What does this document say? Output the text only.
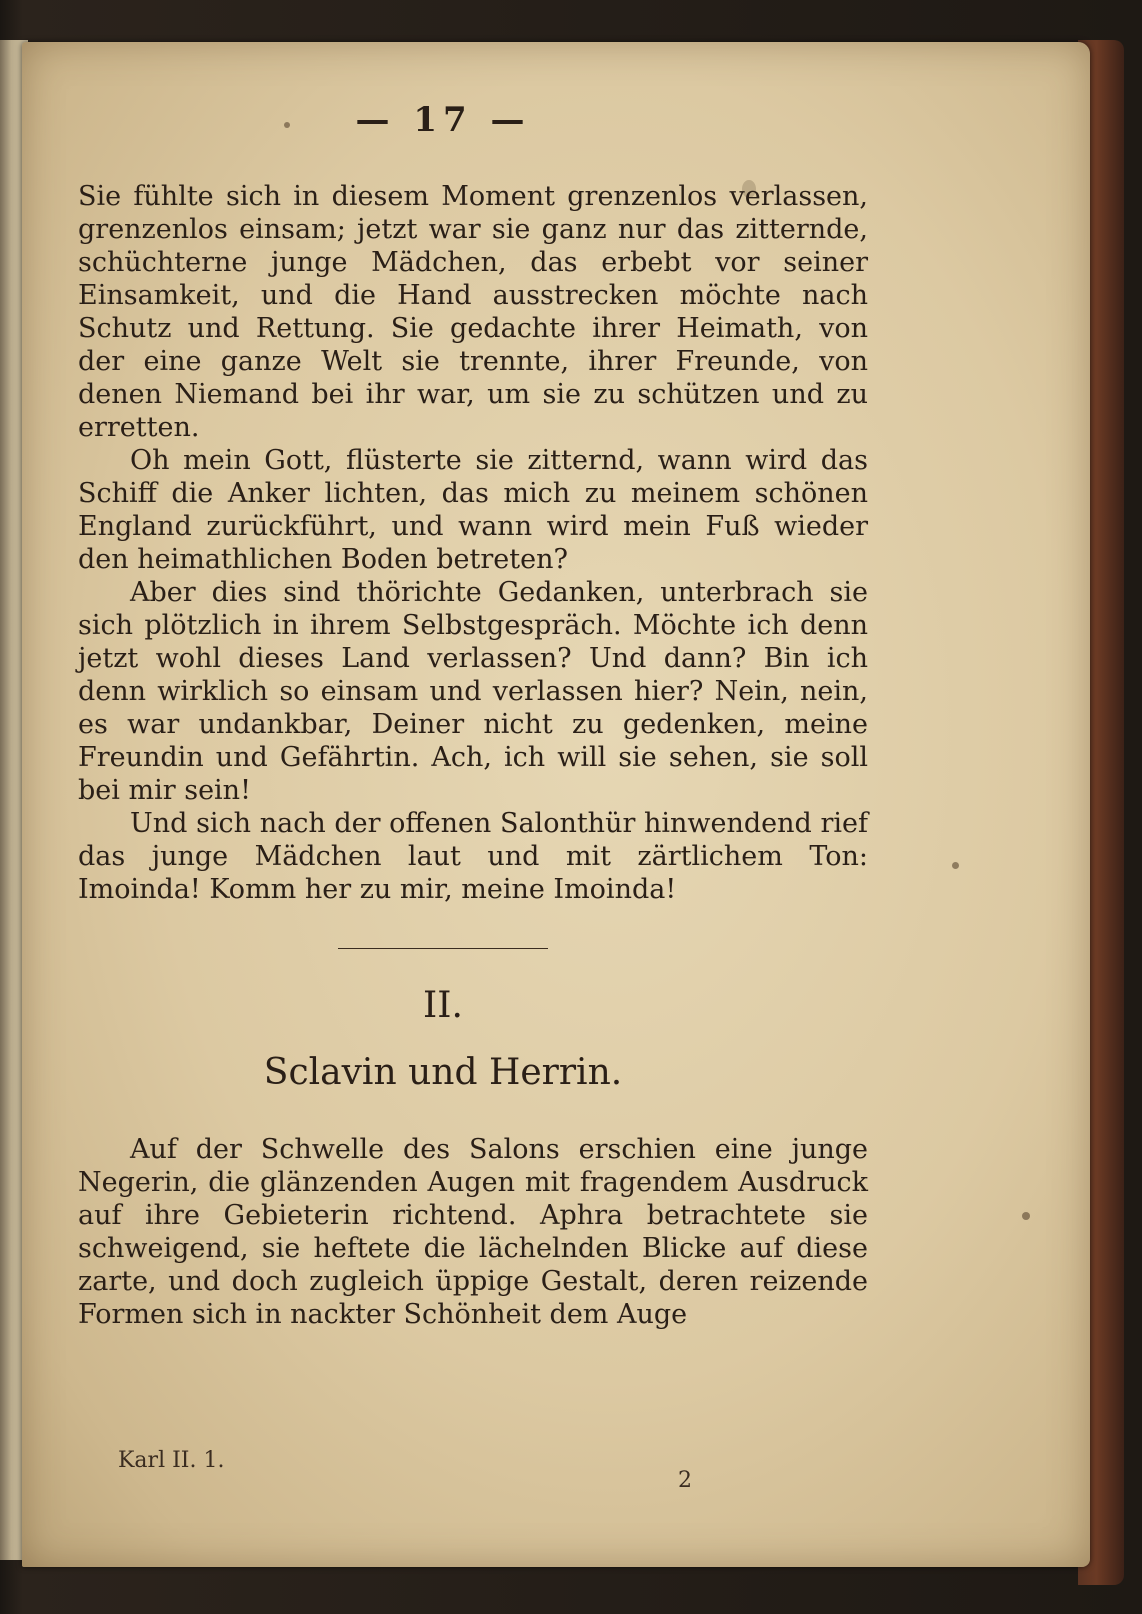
— 17 —

Sie fühlte sich in diesem Moment grenzenlos verlassen, grenzenlos einsam; jetzt war sie ganz nur das zitternde, schüchterne junge Mädchen, das erbebt vor seiner Einsamkeit, und die Hand ausstrecken möchte nach Schutz und Rettung. Sie gedachte ihrer Heimath, von der eine ganze Welt sie trennte, ihrer Freunde, von denen Niemand bei ihr war, um sie zu schützen und zu erretten.

Oh mein Gott, flüsterte sie zitternd, wann wird das Schiff die Anker lichten, das mich zu meinem schönen England zurückführt, und wann wird mein Fuß wieder den heimathlichen Boden betreten?

Aber dies sind thörichte Gedanken, unterbrach sie sich plötzlich in ihrem Selbstgespräch. Möchte ich denn jetzt wohl dieses Land verlassen? Und dann? Bin ich denn wirklich so einsam und verlassen hier? Nein, nein, es war undankbar, Deiner nicht zu gedenken, meine Freundin und Gefährtin. Ach, ich will sie sehen, sie soll bei mir sein!

Und sich nach der offenen Salonthür hinwendend rief das junge Mädchen laut und mit zärtlichem Ton: Imoinda! Komm her zu mir, meine Imoinda!

II.
Sclavin und Herrin.

Auf der Schwelle des Salons erschien eine junge Negerin, die glänzenden Augen mit fragendem Ausdruck auf ihre Gebieterin richtend. Aphra betrachtete sie schweigend, sie heftete die lächelnden Blicke auf diese zarte, und doch zugleich üppige Gestalt, deren reizende Formen sich in nackter Schönheit dem Auge

Karl II. 1.
2
